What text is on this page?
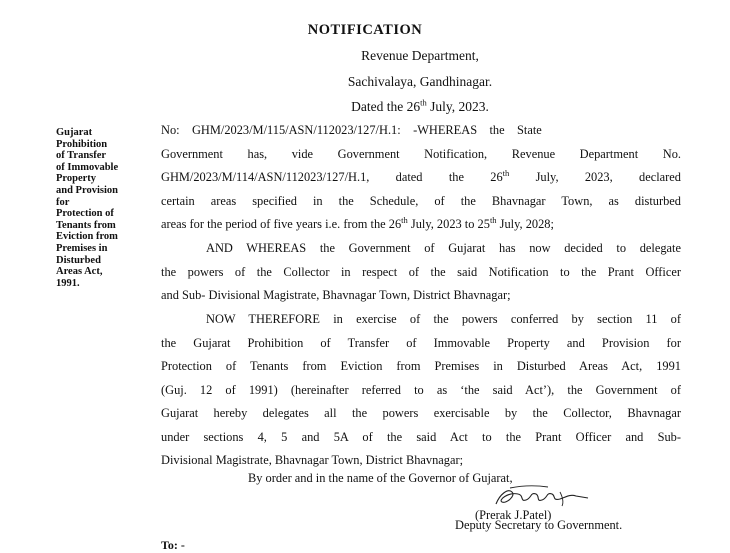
NOTIFICATION
Revenue Department,
Sachivalaya, Gandhinagar.
Dated the 26th July, 2023.
Gujarat
Prohibition
of Transfer
of Immovable
Property
and Provision
for
Protection of
Tenants from
Eviction from
Premises in
Disturbed
Areas Act,
1991.
No:    GHM/2023/M/115/ASN/112023/127/H.1:    -WHEREAS    the    State
Government has, vide Government Notification, Revenue Department No.
GHM/2023/M/114/ASN/112023/127/H.1, dated the 26th July, 2023, declared
certain areas specified in the Schedule, of the Bhavnagar Town, as disturbed
areas for the period of five years i.e. from the 26th July, 2023 to 25th July, 2028;
AND WHEREAS the Government of Gujarat has now decided to delegate
the powers of the Collector in respect of the said Notification to the Prant Officer
and Sub- Divisional Magistrate, Bhavnagar Town, District Bhavnagar;
NOW THEREFORE in exercise of the powers conferred by section 11 of
the Gujarat Prohibition of Transfer of Immovable Property and Provision for
Protection of Tenants from Eviction from Premises in Disturbed Areas Act, 1991
(Guj. 12 of 1991) (hereinafter referred to as ‘the said Act’), the Government of
Gujarat hereby delegates all the powers exercisable by the Collector, Bhavnagar
under sections 4, 5 and 5A of the said Act to the Prant Officer and Sub-
Divisional Magistrate, Bhavnagar Town, District Bhavnagar;
By order and in the name of the Governor of Gujarat,
(Prerak J.Patel)
Deputy Secretary to Government.
To: -
